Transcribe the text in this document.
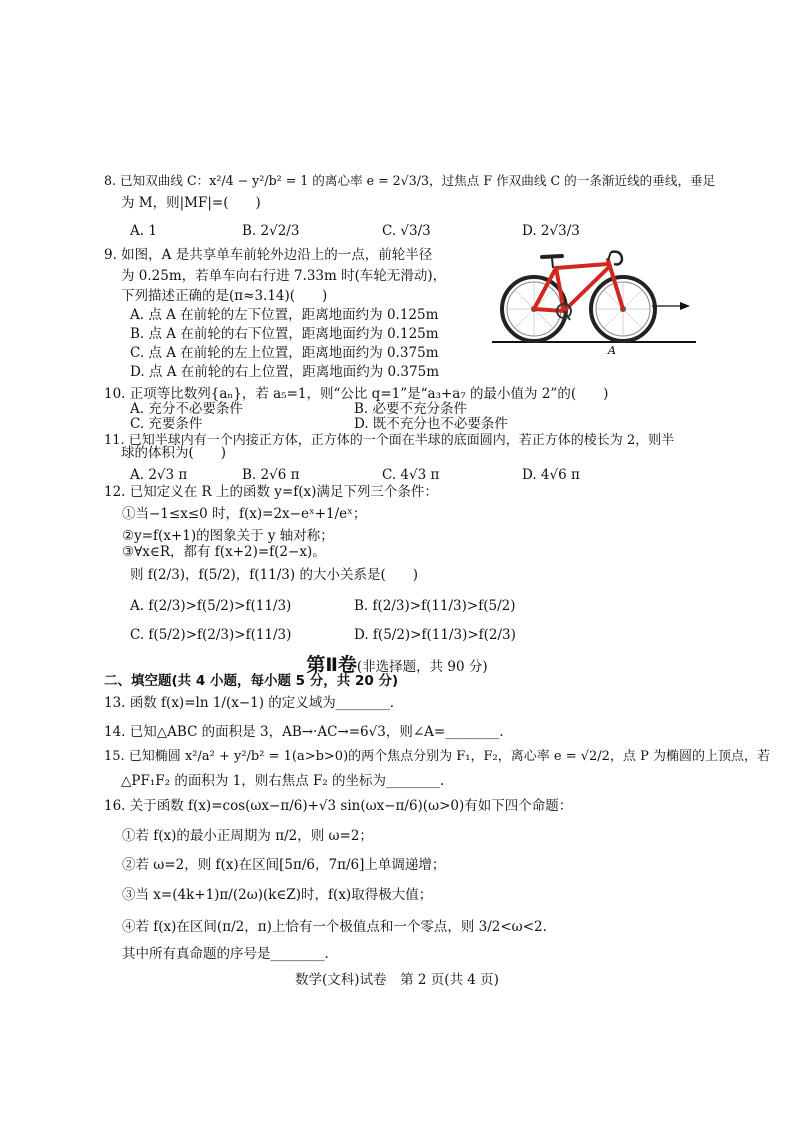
8. 已知双曲线 C：x²/4 − y²/b² = 1 的离心率 e = 2√3/3，过焦点 F 作双曲线 C 的一条渐近线的垂线，垂足
为 M，则|MF|=(　　)
A. 1	B. 2√2/3	C. √3/3	D. 2√3/3
9. 如图，A 是共享单车前轮外边沿上的一点，前轮半径
为 0.25m，若单车向右行进 7.33m 时(车轮无滑动)，
下列描述正确的是(π≈3.14)(　　)
A. 点 A 在前轮的左下位置，距离地面约为 0.125m
B. 点 A 在前轮的右下位置，距离地面约为 0.125m
C. 点 A 在前轮的左上位置，距离地面约为 0.375m
D. 点 A 在前轮的右上位置，距离地面约为 0.375m
A
10. 正项等比数列{aₙ}，若 a₅=1，则“公比 q=1”是“a₃+a₇ 的最小值为 2”的(　　)
A. 充分不必要条件	B. 必要不充分条件
C. 充要条件	D. 既不充分也不必要条件
11. 已知半球内有一个内接正方体，正方体的一个面在半球的底面圆内，若正方体的棱长为 2，则半
球的体积为(　　)
A. 2√3 π	B. 2√6 π	C. 4√3 π	D. 4√6 π
12. 已知定义在 R 上的函数 y=f(x)满足下列三个条件：
①当−1≤x≤0 时，f(x)=2x−eˣ+1/eˣ；
②y=f(x+1)的图象关于 y 轴对称；
③∀x∈R，都有 f(x+2)=f(2−x)。
则 f(2/3)，f(5/2)，f(11/3) 的大小关系是(　　)
A. f(2/3)>f(5/2)>f(11/3)	B. f(2/3)>f(11/3)>f(5/2)
C. f(5/2)>f(2/3)>f(11/3)	D. f(5/2)>f(11/3)>f(2/3)
第Ⅱ卷(非选择题，共 90 分)
二、填空题(共 4 小题，每小题 5 分，共 20 分)
13. 函数 f(x)=ln 1/(x−1) 的定义域为________.
14. 已知△ABC 的面积是 3，AB→·AC→=6√3，则∠A=________.
15. 已知椭圆 x²/a² + y²/b² = 1(a>b>0)的两个焦点分别为 F₁，F₂，离心率 e = √2/2，点 P 为椭圆的上顶点，若
△PF₁F₂ 的面积为 1，则右焦点 F₂ 的坐标为________.
16. 关于函数 f(x)=cos(ωx−π/6)+√3 sin(ωx−π/6)(ω>0)有如下四个命题：
①若 f(x)的最小正周期为 π/2，则 ω=2；
②若 ω=2，则 f(x)在区间[5π/6，7π/6]上单调递增；
③当 x=(4k+1)π/(2ω)(k∈Z)时，f(x)取得极大值；
④若 f(x)在区间(π/2，π)上恰有一个极值点和一个零点，则 3/2<ω<2.
其中所有真命题的序号是________.
数学(文科)试卷　第 2 页(共 4 页)
